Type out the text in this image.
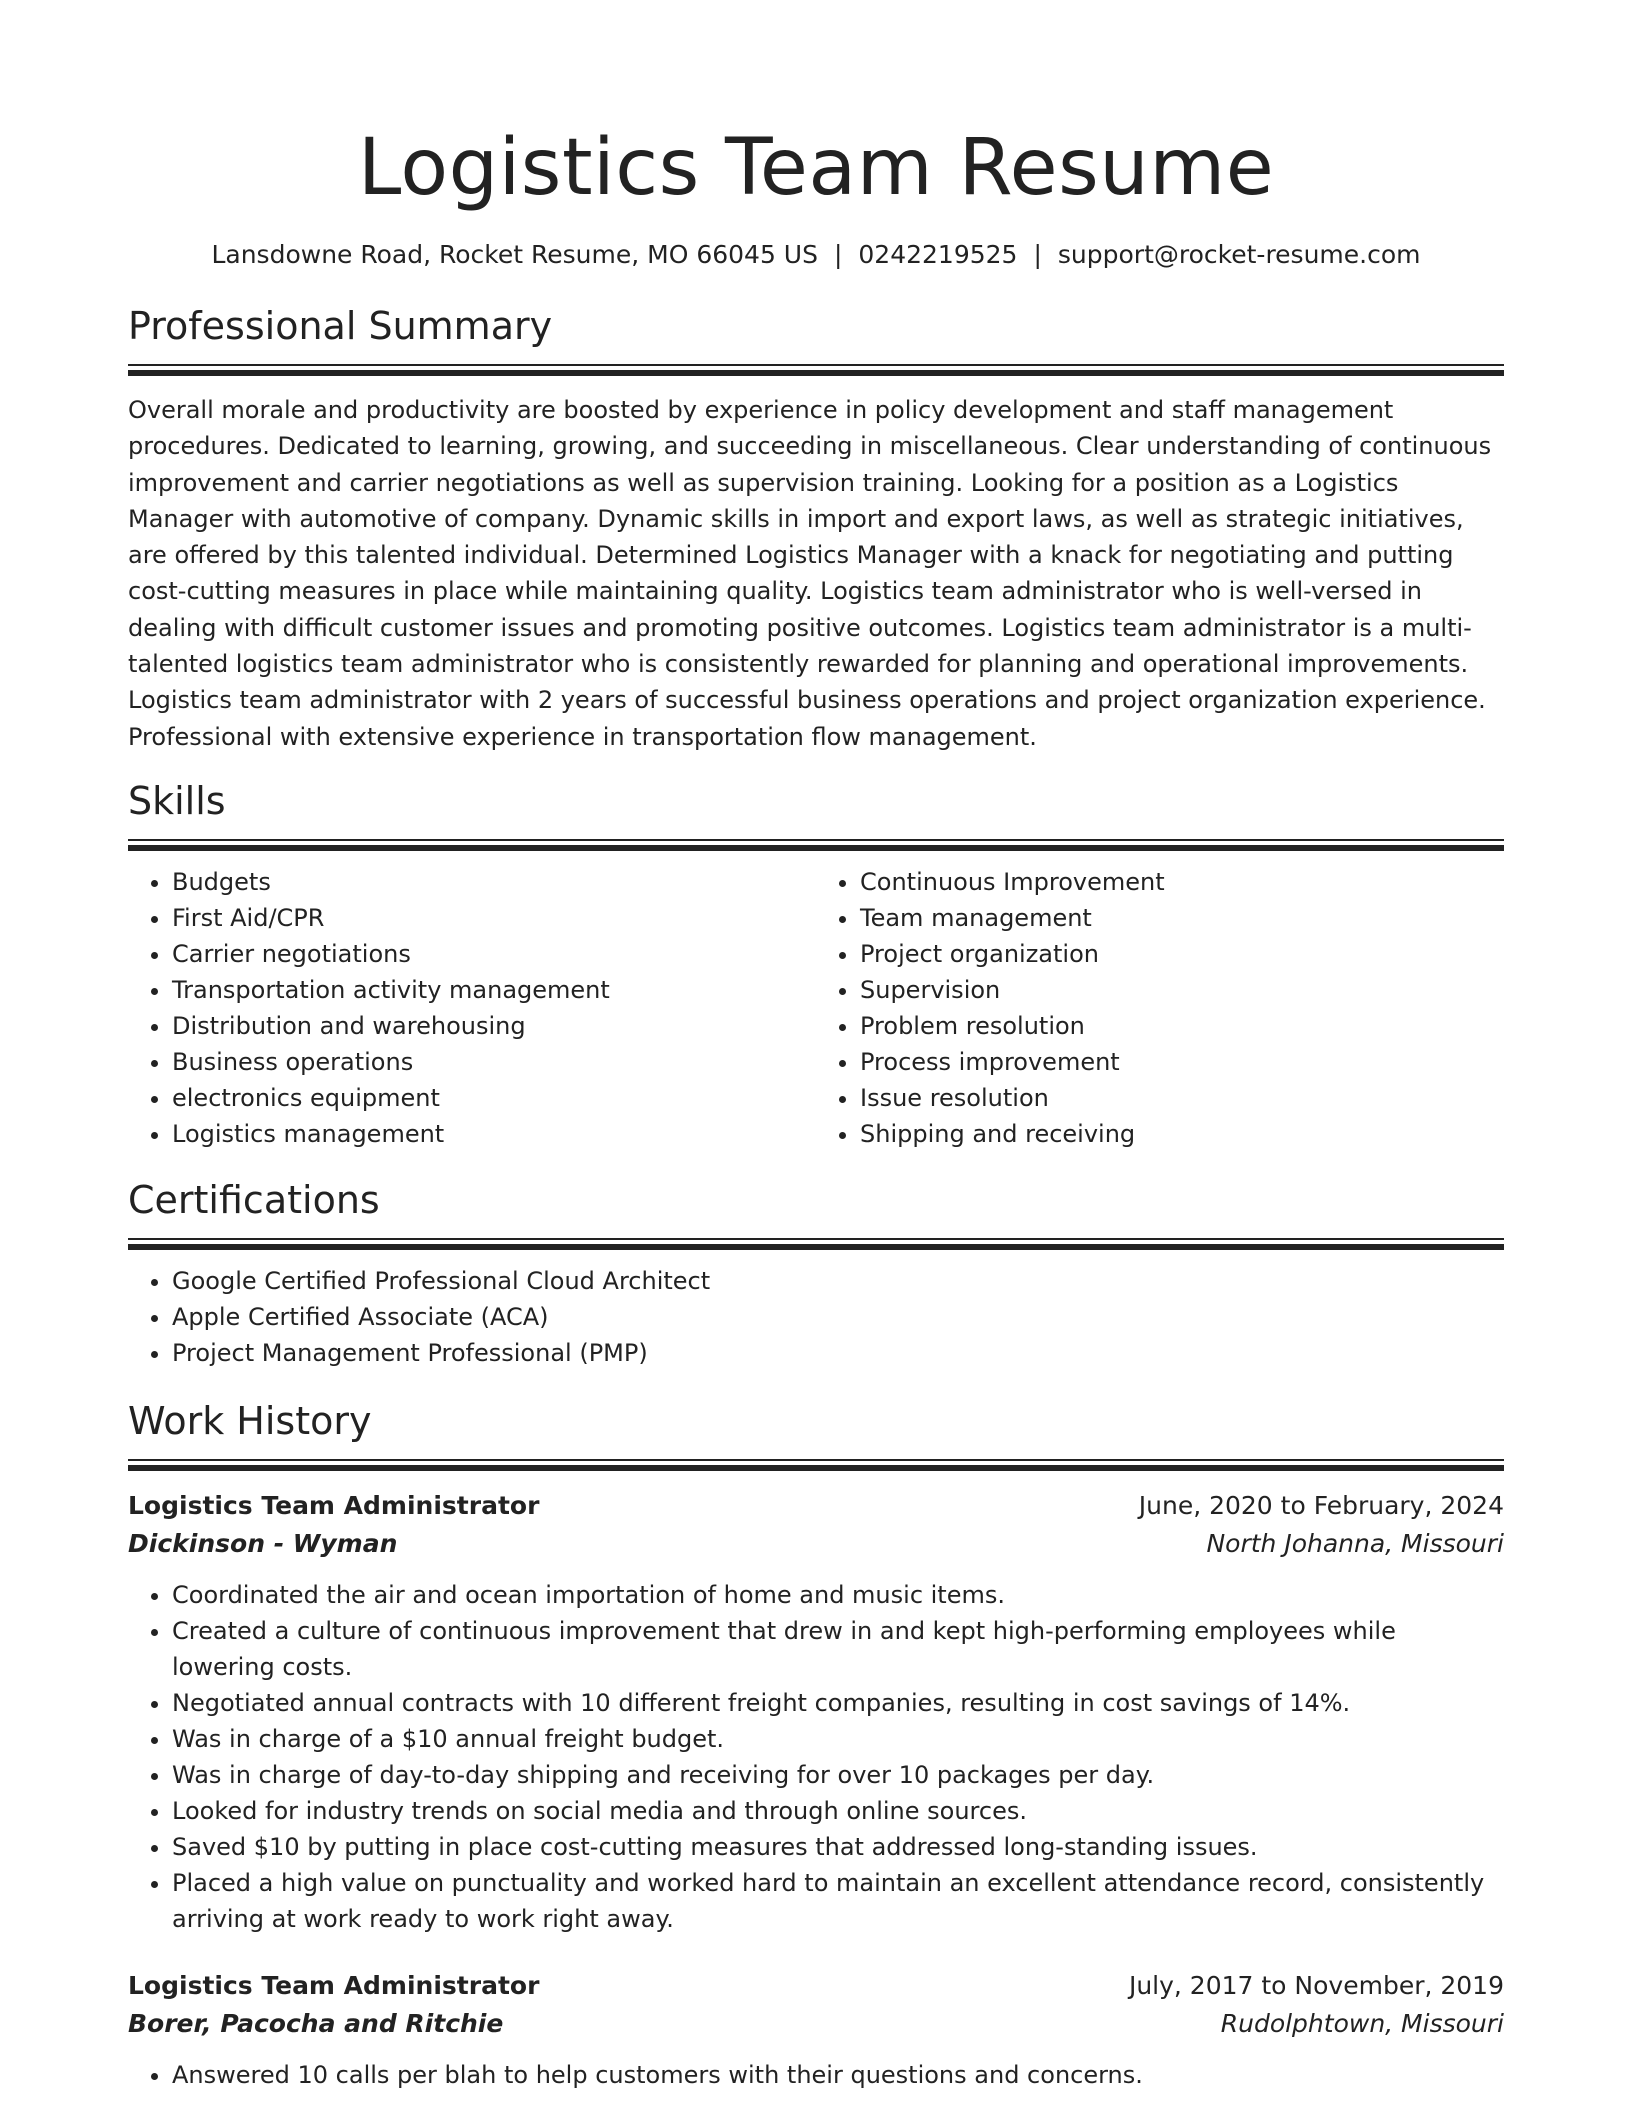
Logistics Team Resume
Lansdowne Road, Rocket Resume, MO 66045 US | 0242219525 | support@rocket-resume.com
Professional Summary
Overall morale and productivity are boosted by experience in policy development and staff management procedures. Dedicated to learning, growing, and succeeding in miscellaneous. Clear understanding of continuous improvement and carrier negotiations as well as supervision training. Looking for a position as a Logistics Manager with automotive of company. Dynamic skills in import and export laws, as well as strategic initiatives, are offered by this talented individual. Determined Logistics Manager with a knack for negotiating and putting cost-cutting measures in place while maintaining quality. Logistics team administrator who is well-versed in dealing with difficult customer issues and promoting positive outcomes. Logistics team administrator is a multi-talented logistics team administrator who is consistently rewarded for planning and operational improvements. Logistics team administrator with 2 years of successful business operations and project organization experience. Professional with extensive experience in transportation flow management.
Skills
• Budgets
• First Aid/CPR
• Carrier negotiations
• Transportation activity management
• Distribution and warehousing
• Business operations
• electronics equipment
• Logistics management
• Continuous Improvement
• Team management
• Project organization
• Supervision
• Problem resolution
• Process improvement
• Issue resolution
• Shipping and receiving
Certifications
• Google Certified Professional Cloud Architect
• Apple Certified Associate (ACA)
• Project Management Professional (PMP)
Work History
Logistics Team Administrator	June, 2020 to February, 2024
Dickinson - Wyman	North Johanna, Missouri
• Coordinated the air and ocean importation of home and music items.
• Created a culture of continuous improvement that drew in and kept high-performing employees while lowering costs.
• Negotiated annual contracts with 10 different freight companies, resulting in cost savings of 14%.
• Was in charge of a $10 annual freight budget.
• Was in charge of day-to-day shipping and receiving for over 10 packages per day.
• Looked for industry trends on social media and through online sources.
• Saved $10 by putting in place cost-cutting measures that addressed long-standing issues.
• Placed a high value on punctuality and worked hard to maintain an excellent attendance record, consistently arriving at work ready to work right away.
Logistics Team Administrator	July, 2017 to November, 2019
Borer, Pacocha and Ritchie	Rudolphtown, Missouri
• Answered 10 calls per blah to help customers with their questions and concerns.
